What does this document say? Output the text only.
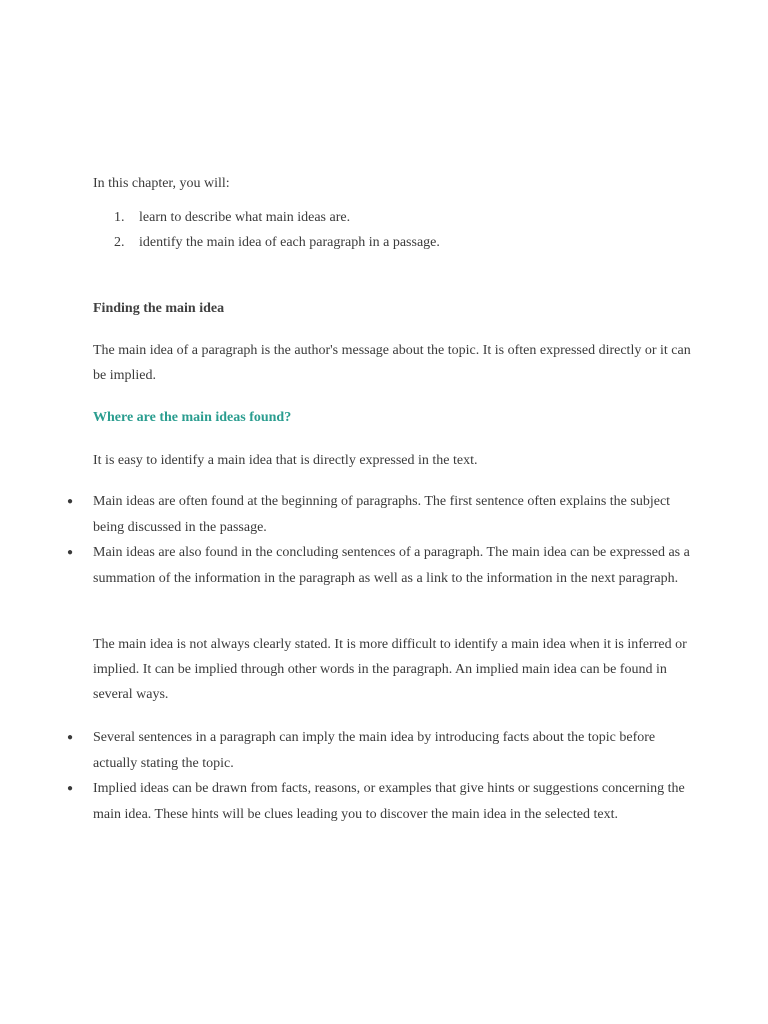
In this chapter, you will:

1.	learn to describe what main ideas are.
2.	identify the main idea of each paragraph in a passage.

Finding the main idea

The main idea of a paragraph is the author's message about the topic. It is often expressed directly or it can be implied.

Where are the main ideas found?

It is easy to identify a main idea that is directly expressed in the text.

● Main ideas are often found at the beginning of paragraphs. The first sentence often explains the subject being discussed in the passage.
● Main ideas are also found in the concluding sentences of a paragraph. The main idea can be expressed as a summation of the information in the paragraph as well as a link to the information in the next paragraph.

The main idea is not always clearly stated. It is more difficult to identify a main idea when it is inferred or implied. It can be implied through other words in the paragraph. An implied main idea can be found in several ways.

● Several sentences in a paragraph can imply the main idea by introducing facts about the topic before actually stating the topic.
● Implied ideas can be drawn from facts, reasons, or examples that give hints or suggestions concerning the main idea. These hints will be clues leading you to discover the main idea in the selected text.
